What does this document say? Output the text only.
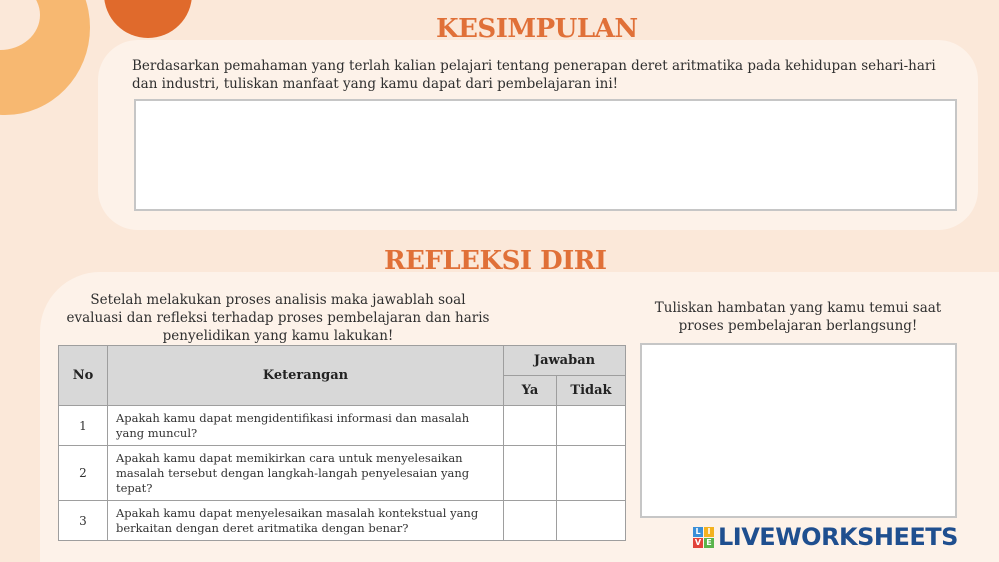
KESIMPULAN
Berdasarkan pemahaman yang terlah kalian pelajari tentang penerapan deret aritmatika pada kehidupan sehari-hari dan industri, tuliskan manfaat yang kamu dapat dari pembelajaran ini!
REFLEKSI DIRI
Setelah melakukan proses analisis maka jawablah soal evaluasi dan refleksi terhadap proses pembelajaran dan haris penyelidikan yang kamu lakukan!
No	Keterangan	Jawaban	
		Ya	Tidak
1	Apakah kamu dapat mengidentifikasi informasi dan masalah yang muncul?		
2	Apakah kamu dapat memikirkan cara untuk menyelesaikan masalah tersebut dengan langkah-langah penyelesaian yang tepat?		
3	Apakah kamu dapat menyelesaikan masalah kontekstual yang berkaitan dengan deret aritmatika dengan benar?		
Tuliskan hambatan yang kamu temui saat proses pembelajaran berlangsung!
L I
V E LIVEWORKSHEETS
